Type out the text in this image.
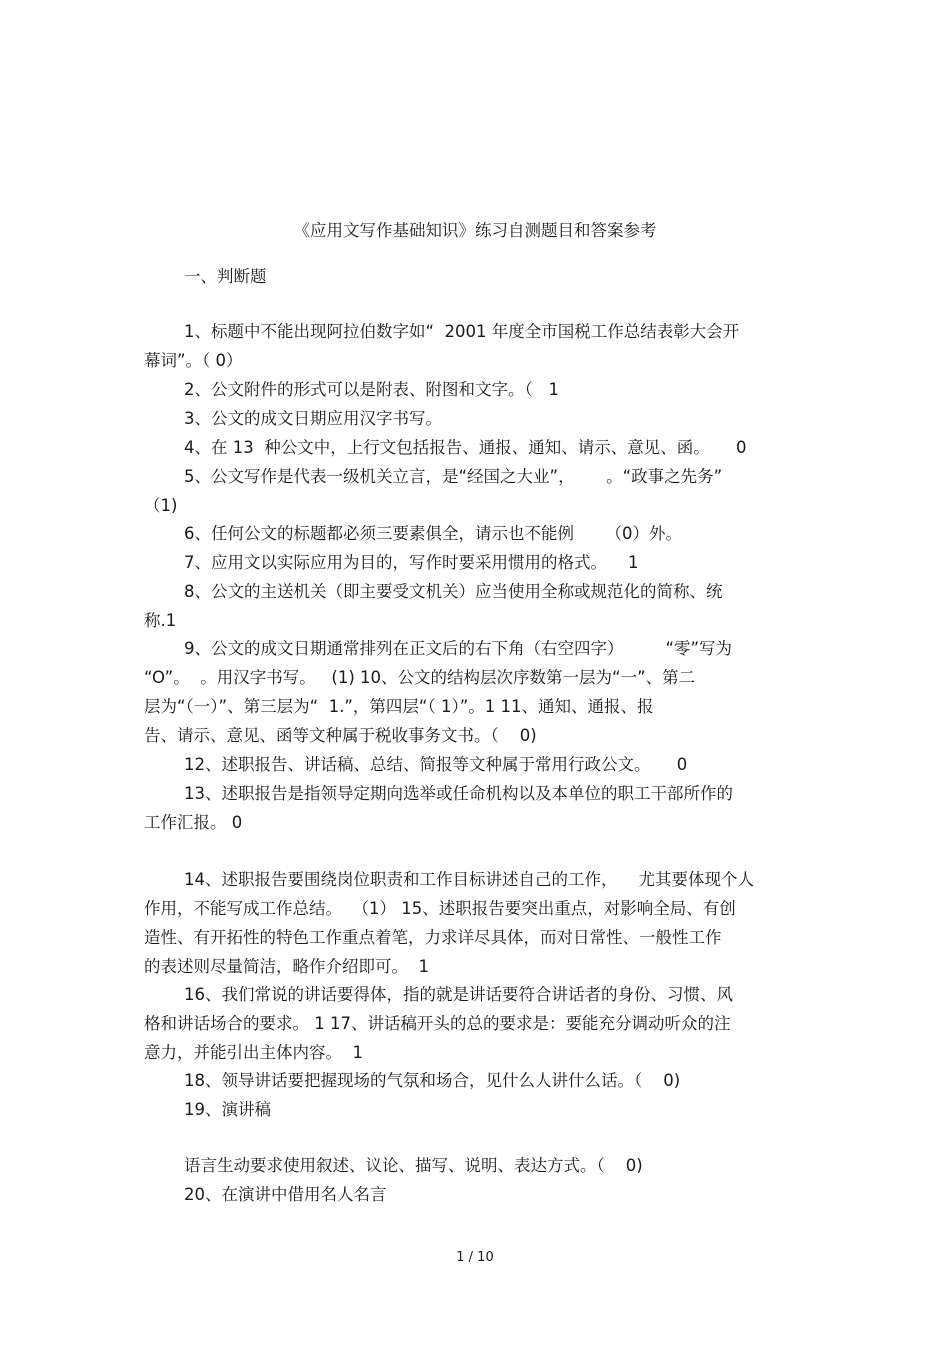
《应用文写作基础知识》练习自测题目和答案参考
一、判断题
1、标题中不能出现阿拉伯数字如“  2001 年度全市国税工作总结表彰大会开
幕词”。（ 0）
2、公文附件的形式可以是附表、附图和文字。（   1
3、公文的成文日期应用汉字书写。
4、在 13  种公文中，上行文包括报告、通报、通知、请示、意见、函。     0
5、公文写作是代表一级机关立言，是“经国之大业”，      。“政事之先务”
（1)
6、任何公文的标题都必须三要素俱全，请示也不能例      （0）外。
7、应用文以实际应用为目的，写作时要采用惯用的格式。    1
8、公文的主送机关（即主要受文机关）应当使用全称或规范化的简称、统
称.1
9、公文的成文日期通常排列在正文后的右下角（右空四字）        “零”写为
“O”。  。用汉字书写。   (1) 10、公文的结构层次序数第一层为“一”、第二
层为“（一）”、第三层为“  1.”，第四层“（ 1）”。1 11、通知、通报、报
告、请示、意见、函等文种属于税收事务文书。（    0)
12、述职报告、讲话稿、总结、简报等文种属于常用行政公文。     0
13、述职报告是指领导定期向选举或任命机构以及本单位的职工干部所作的
工作汇报。 0
14、述职报告要围绕岗位职责和工作目标讲述自己的工作，    尤其要体现个人
作用，不能写成工作总结。  （1） 15、述职报告要突出重点，对影响全局、有创
造性、有开拓性的特色工作重点着笔，力求详尽具体，而对日常性、一般性工作
的表述则尽量简洁，略作介绍即可。  1
16、我们常说的讲话要得体，指的就是讲话要符合讲话者的身份、习惯、风
格和讲话场合的要求。 1 17、讲话稿开头的总的要求是：要能充分调动听众的注
意力，并能引出主体内容。  1
18、领导讲话要把握现场的气氛和场合，见什么人讲什么话。（    0)
19、演讲稿
语言生动要求使用叙述、议论、描写、说明、表达方式。（    0)
20、在演讲中借用名人名言
1 / 10
